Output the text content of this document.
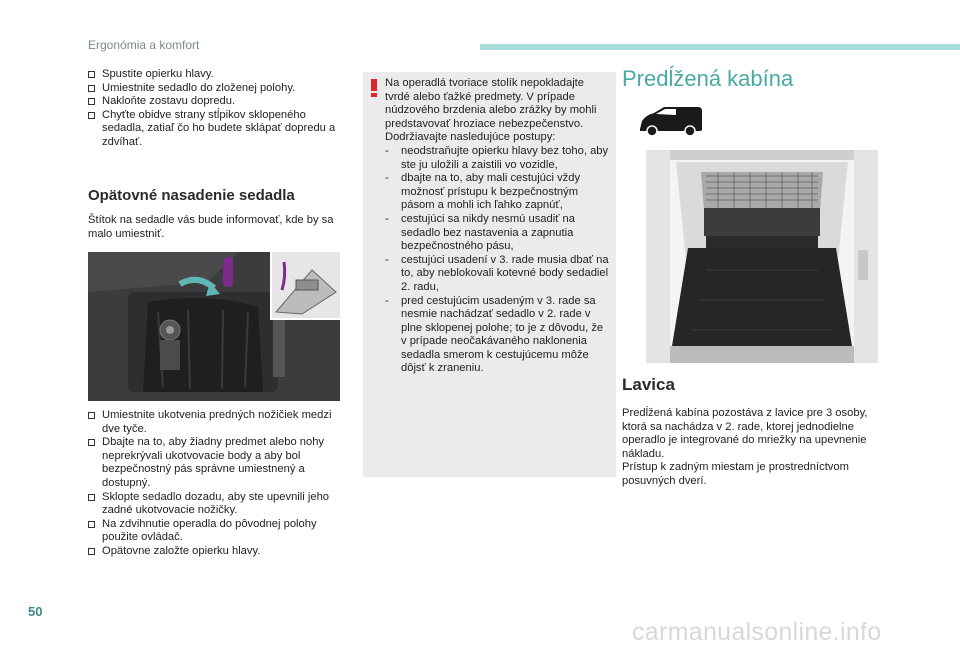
Ergonómia a komfort
Spustite opierku hlavy.
Umiestnite sedadlo do zloženej polohy.
Nakloňte zostavu dopredu.
Chyťte obidve strany stĺpikov sklopeného sedadla, zatiaľ čo ho budete sklápať dopredu a zdvíhať.
Opätovné nasadenie sedadla

Štítok na sedadle vás bude informovať, kde by sa malo umiestniť.

Umiestnite ukotvenia predných nožičiek medzi dve tyče.
Dbajte na to, aby žiadny predmet alebo nohy neprekrývali ukotvovacie body a aby bol bezpečnostný pás správne umiestnený a dostupný.
Sklopte sedadlo dozadu, aby ste upevnili jeho zadné ukotvovacie nožičky.
Na zdvihnutie operadla do pôvodnej polohy použite ovládač.
Opätovne založte opierku hlavy.

Na operadlá tvoriace stolík nepokladajte tvrdé alebo ťažké predmety. V prípade núdzového brzdenia alebo zrážky by mohli predstavovať hroziace nebezpečenstvo.

Dodržiavajte nasledujúce postupy:

- neodstraňujte opierku hlavy bez toho, aby ste ju uložili a zaistili vo vozidle,
- dbajte na to, aby mali cestujúci vždy možnosť prístupu k bezpečnostným pásom a mohli ich ľahko zapnúť,
- cestujúci sa nikdy nesmú usadiť na sedadlo bez nastavenia a zapnutia bezpečnostného pásu,
- cestujúci usadení v 3. rade musia dbať na to, aby neblokovali kotevné body sedadiel 2. radu,
- pred cestujúcim usadeným v 3. rade sa nesmie nachádzať sedadlo v 2. rade v plne sklopenej polohe; to je z dôvodu, že v prípade neočakávaného naklonenia sedadla smerom k cestujúcemu môže dôjsť k zraneniu.
Predĺžená kabína
Lavica

Predĺžená kabína pozostáva z lavice pre 3 osoby, ktorá sa nachádza v 2. rade, ktorej jednodielne operadlo je integrované do mriežky na upevnenie nákladu.

Prístup k zadným miestam je prostredníctvom posuvných dverí.

50
carmanualsonline.info
